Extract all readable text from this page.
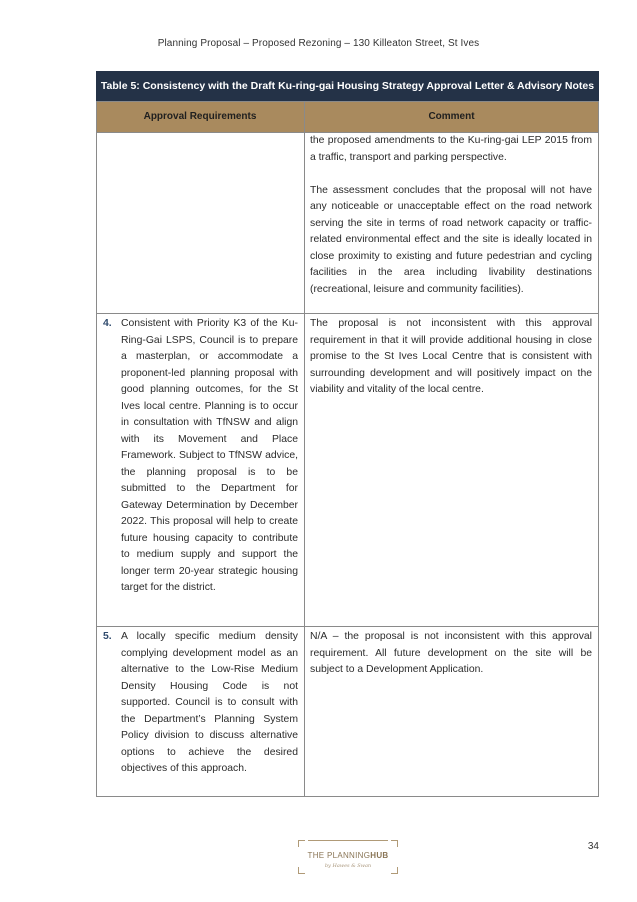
Planning Proposal – Proposed Rezoning – 130 Killeaton Street, St Ives
Table 5: Consistency with the Draft Ku-ring-gai Housing Strategy Approval Letter & Advisory Notes
Approval Requirements	Comment
the proposed amendments to the Ku-ring-gai LEP 2015 from a traffic, transport and parking perspective.
The assessment concludes that the proposal will not have any noticeable or unacceptable effect on the road network serving the site in terms of road network capacity or traffic-related environmental effect and the site is ideally located in close proximity to existing and future pedestrian and cycling facilities in the area including livability destinations (recreational, leisure and community facilities).
4. Consistent with Priority K3 of the Ku-Ring-Gai LSPS, Council is to prepare a masterplan, or accommodate a proponent-led planning proposal with good planning outcomes, for the St Ives local centre. Planning is to occur in consultation with TfNSW and align with its Movement and Place Framework. Subject to TfNSW advice, the planning proposal is to be submitted to the Department for Gateway Determination by December 2022. This proposal will help to create future housing capacity to contribute to medium supply and support the longer term 20-year strategic housing target for the district.
The proposal is not inconsistent with this approval requirement in that it will provide additional housing in close promise to the St Ives Local Centre that is consistent with surrounding development and will positively impact on the viability and vitality of the local centre.
5. A locally specific medium density complying development model as an alternative to the Low-Rise Medium Density Housing Code is not supported. Council is to consult with the Department’s Planning System Policy division to discuss alternative options to achieve the desired objectives of this approach.
N/A – the proposal is not inconsistent with this approval requirement. All future development on the site will be subject to a Development Application.
34
THE PLANNINGHUB
by Hawes & Swan
